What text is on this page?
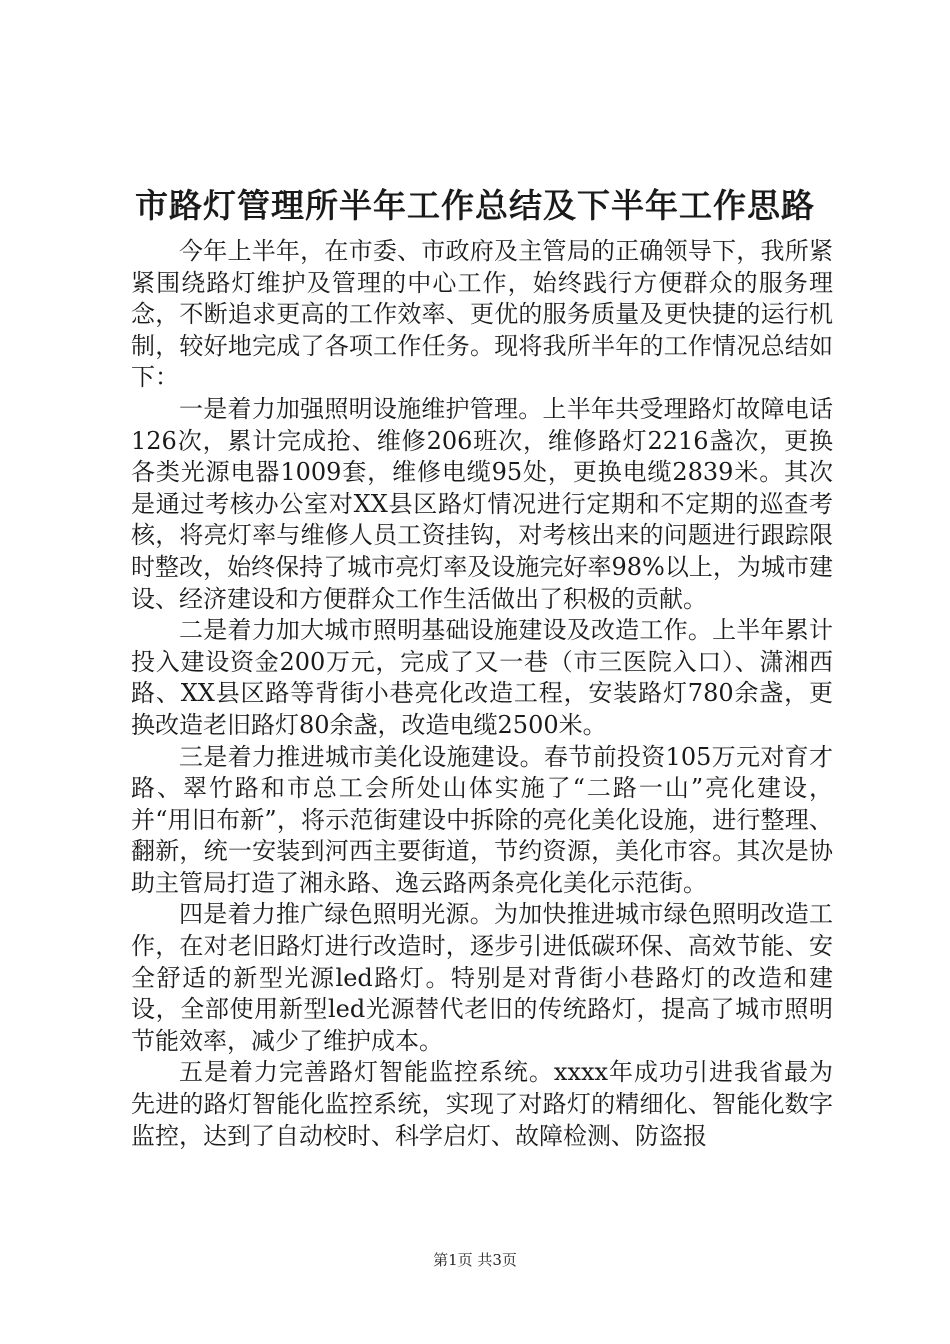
市路灯管理所半年工作总结及下半年工作思路

今年上半年，在市委、市政府及主管局的正确领导下，我所紧紧围绕路灯维护及管理的中心工作，始终践行方便群众的服务理念，不断追求更高的工作效率、更优的服务质量及更快捷的运行机制，较好地完成了各项工作任务。现将我所半年的工作情况总结如下：

一是着力加强照明设施维护管理。上半年共受理路灯故障电话126次，累计完成抢、维修206班次，维修路灯2216盏次，更换各类光源电器1009套，维修电缆95处，更换电缆2839米。其次是通过考核办公室对XX县区路灯情况进行定期和不定期的巡查考核，将亮灯率与维修人员工资挂钩，对考核出来的问题进行跟踪限时整改，始终保持了城市亮灯率及设施完好率98%以上，为城市建设、经济建设和方便群众工作生活做出了积极的贡献。

二是着力加大城市照明基础设施建设及改造工作。上半年累计投入建设资金200万元，完成了又一巷（市三医院入口）、潇湘西路、XX县区路等背街小巷亮化改造工程，安装路灯780余盏，更换改造老旧路灯80余盏，改造电缆2500米。

三是着力推进城市美化设施建设。春节前投资105万元对育才路、翠竹路和市总工会所处山体实施了“二路一山”亮化建设，并“用旧布新”，将示范街建设中拆除的亮化美化设施，进行整理、翻新，统一安装到河西主要街道，节约资源，美化市容。其次是协助主管局打造了湘永路、逸云路两条亮化美化示范街。

四是着力推广绿色照明光源。为加快推进城市绿色照明改造工作，在对老旧路灯进行改造时，逐步引进低碳环保、高效节能、安全舒适的新型光源led路灯。特别是对背街小巷路灯的改造和建设，全部使用新型led光源替代老旧的传统路灯，提高了城市照明节能效率，减少了维护成本。

五是着力完善路灯智能监控系统。xxxx年成功引进我省最为先进的路灯智能化监控系统，实现了对路灯的精细化、智能化数字监控，达到了自动校时、科学启灯、故障检测、防盗报

第1页 共3页
